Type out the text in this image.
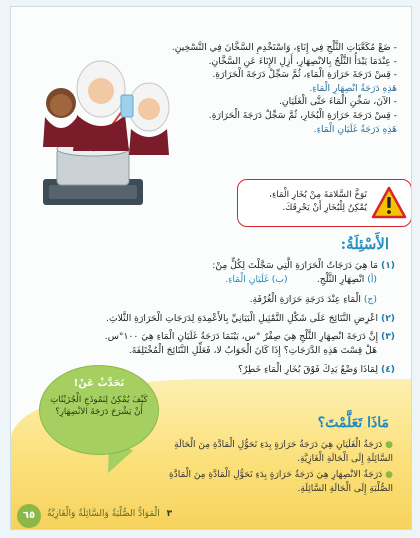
- ضَعْ مُكَعَّبَاتِ الثَّلْجِ فِي إِنَاءٍ، وَاسْتَخْدِمِ السَّخَّانَ فِي التَّسْخِينِ.

- عِنْدَمَا يَبْدَأُ الثَّلْجُ بِالانْصِهَارِ، أَزِلِ الإِنَاءَ عَنِ السَّخَّانِ.

- قِسْ دَرَجَةَ حَرَارَةِ الْمَاءِ، ثُمَّ سَجِّلْ دَرَجَةَ الْحَرَارَةِ.

هَذِهِ دَرَجَةُ انْصِهَارِ الْمَاءِ.

- الآنَ، سَخِّنِ الْمَاءَ حَتَّى الْغَلَيَانِ.

- قِسْ دَرَجَةَ حَرَارَةِ الْبُخَارِ، ثُمَّ سَجِّلْ دَرَجَةَ الْحَرَارَةِ.

هَذِهِ دَرَجَةُ غَلَيَانِ الْمَاءِ.

تَوَخَّ السَّلامَةَ مِنْ بُخَارِ الْمَاءِ،
يُمْكِنُ لِلْبُخَارِ أَنْ يَحْرِقَكَ.
الأَسْئِلَةُ:
(١) مَا هِيَ دَرَجَاتُ الْحَرَارَةِ الَّتِي سَجَّلْتَ لِكُلٍّ مِنْ:
(أ) انْصِهَارِ الثَّلْجِ.          (ب) غَلَيَانِ الْمَاءِ.
(ج) الْمَاءِ عِنْدَ دَرَجَةِ حَرَارَةِ الْغُرْفَةِ.
(٢) اعْرِضِ النَّتَائِجَ عَلَى شَكْلِ التَّمْثِيلِ الْبَيَانِيِّ بِالأَعْمِدَةِ لِدَرَجَاتِ الْحَرَارَةِ الثَّلاثِ.
(٣) إِنَّ دَرَجَةَ انْصِهَارِ الثَّلْجِ هِيَ صِفْرٌ °س، بَيْنَمَا دَرَجَةُ غَلَيَانِ الْمَاءِ هِيَ ١٠٠°س.
هَلْ قِسْتَ هَذِهِ الدَّرَجَاتِ؟ إِذَا كَانَ الْجَوَابُ لا، فَعَلِّلِ النَّتَائِجَ الْمُخْتَلِفَةَ.
(٤) لِمَاذَا وَضْعُ يَدِكَ فَوْقَ بُخَارِ الْمَاءِ خَطِرٌ؟
تَحَدَّثْ عَنْ!
كَيْفَ يُمْكِنُ لِنَمُوذَجِ الْجُزَيْئَاتِ أَنْ يَشْرَحَ دَرَجَةَ الانْصِهَارِ؟
مَاذَا تَعَلَّمْتَ؟
● دَرَجَةُ الْغَلَيَانِ هِيَ دَرَجَةُ حَرَارَةٍ بِدَءِ تَحَوُّلِ الْمَادَّةِ مِنَ الْحَالَةِ السَّائِلَةِ إِلَى الْحَالَةِ الْغَازِيَّةِ.
● دَرَجَةُ الانْصِهَارِ هِيَ دَرَجَةُ حَرَارَةٍ بِدَءِ تَحَوُّلِ الْمَادَّةِ مِنَ الْمَادَّةِ الصُّلْبَةِ إِلَى الْحَالَةِ السَّائِلَةِ.
٦٥	٣ الْمَوَادُّ الصُّلْبَةُ وَالسَّائِلَةُ وَالْغَازِيَّةُ
